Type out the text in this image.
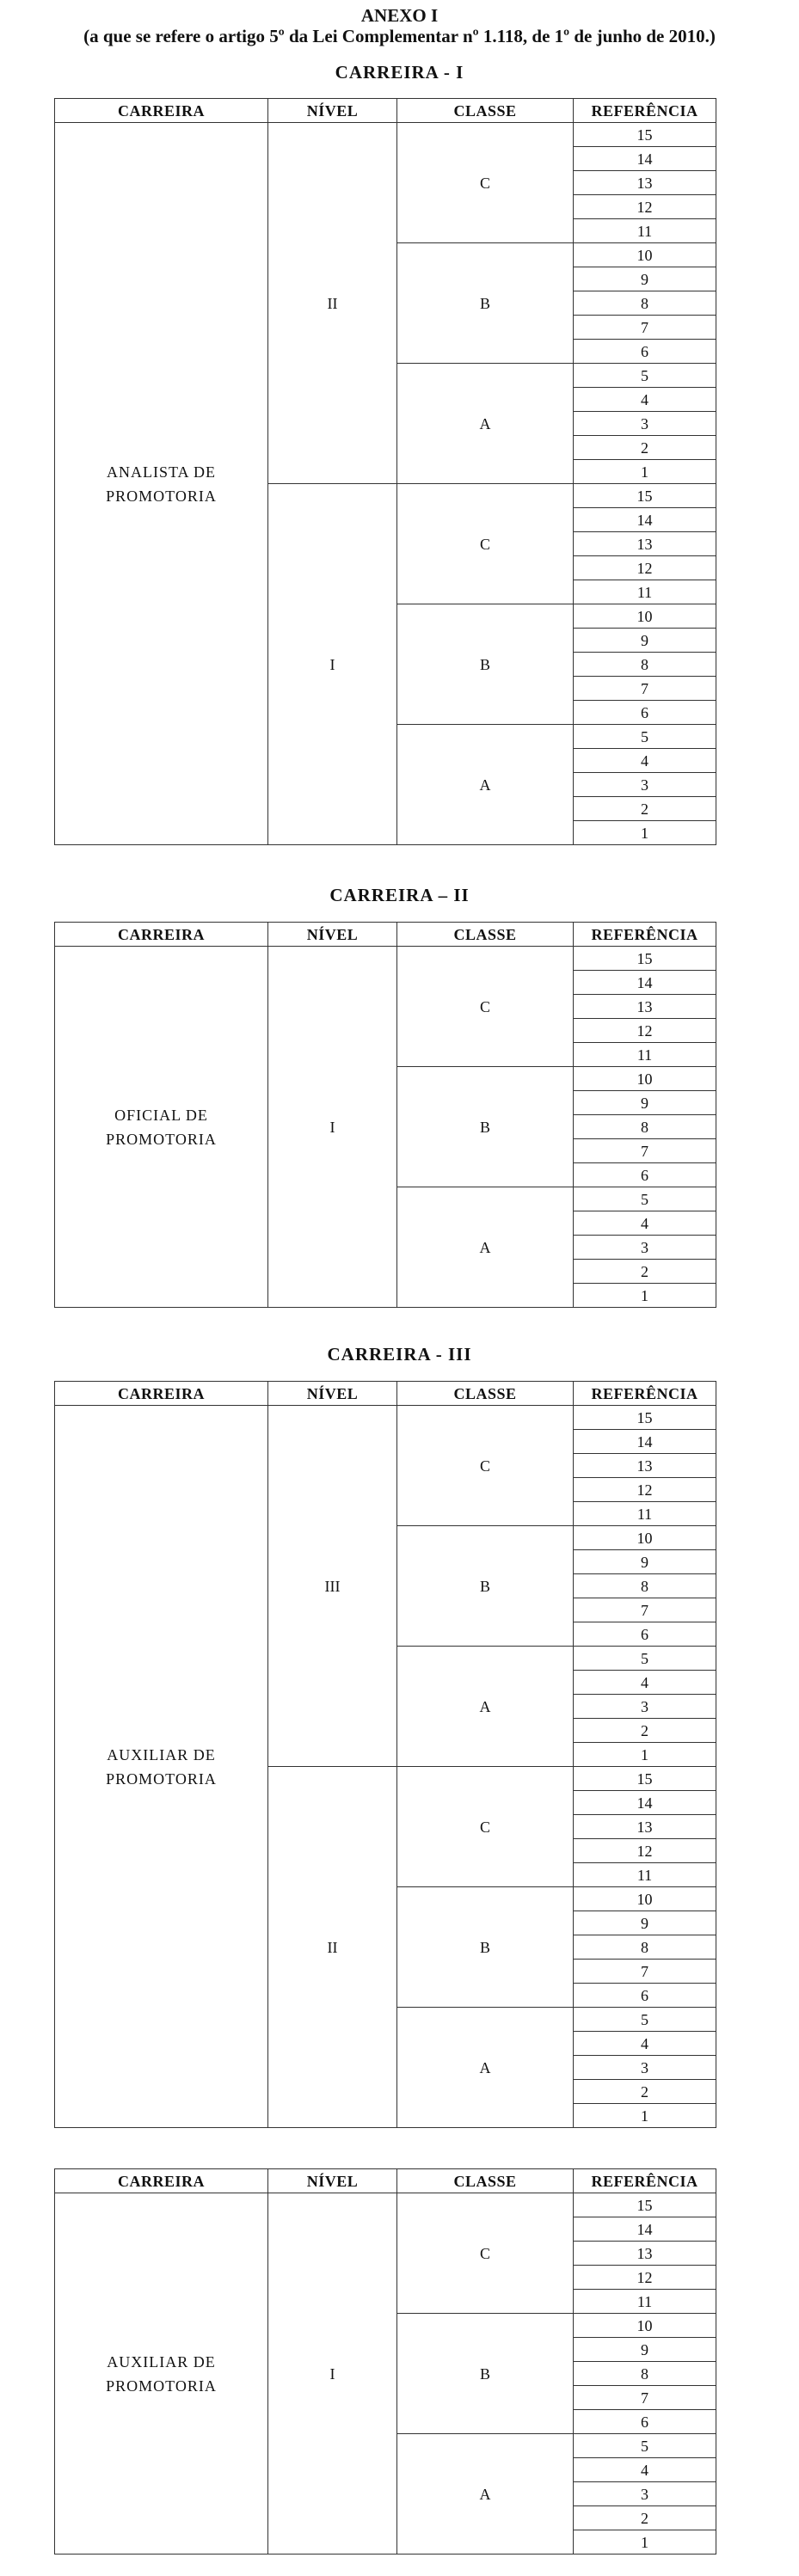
ANEXO I
(a que se refere o artigo 5º da Lei Complementar nº 1.118, de 1º de junho de 2010.)
CARREIRA - I
CARREIRA	NÍVEL	CLASSE	REFERÊNCIA
ANALISTA DE
PROMOTORIA	II	C	15
			14
			13
			12
			11
		B	10
			9
			8
			7
			6
		A	5
			4
			3
			2
			1
	I	C	15
			14
			13
			12
			11
		B	10
			9
			8
			7
			6
		A	5
			4
			3
			2
			1
CARREIRA – II
CARREIRA	NÍVEL	CLASSE	REFERÊNCIA
OFICIAL DE
PROMOTORIA	I	C	15
			14
			13
			12
			11
		B	10
			9
			8
			7
			6
		A	5
			4
			3
			2
			1
CARREIRA - III
CARREIRA	NÍVEL	CLASSE	REFERÊNCIA
AUXILIAR DE
PROMOTORIA	III	C	15
			14
			13
			12
			11
		B	10
			9
			8
			7
			6
		A	5
			4
			3
			2
			1
	II	C	15
			14
			13
			12
			11
		B	10
			9
			8
			7
			6
		A	5
			4
			3
			2
			1
CARREIRA	NÍVEL	CLASSE	REFERÊNCIA
AUXILIAR DE
PROMOTORIA	I	C	15
			14
			13
			12
			11
		B	10
			9
			8
			7
			6
		A	5
			4
			3
			2
			1
